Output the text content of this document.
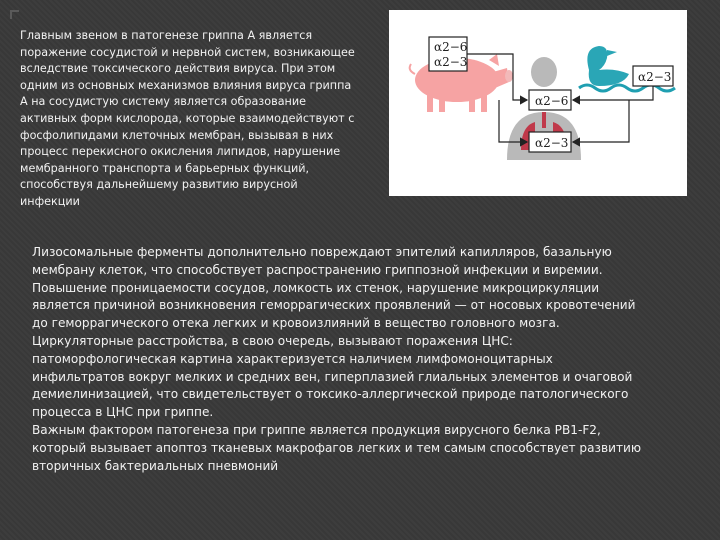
Главным звеном в патогенезе гриппа А является
поражение сосудистой и нервной систем, возникающее
вследствие токсического действия вируса. При этом
одним из основных механизмов влияния вируса гриппа
А на сосудистую систему является образование
активных форм кислорода, которые взаимодействуют с
фосфолипидами клеточных мембран, вызывая в них
процесс перекисного окисления липидов, нарушение
мембранного транспорта и барьерных функций,
способствуя дальнейшему развитию вирусной
инфекции
α2−6
α2−3
α2−3
α2−6
α2−3
Лизосомальные ферменты дополнительно повреждают эпителий капилляров, базальную
мембрану клеток, что способствует распространению гриппозной инфекции и виремии.
Повышение проницаемости сосудов, ломкость их стенок, нарушение микроциркуляции
является причиной возникновения геморрагических проявлений — от носовых кровотечений
до геморрагического отека легких и кровоизлияний в вещество головного мозга.
Циркуляторные расстройства, в свою очередь, вызывают поражения ЦНС:
патоморфологическая картина характеризуется наличием лимфомоноцитарных
инфильтратов вокруг мелких и средних вен, гиперплазией глиальных элементов и очаговой
демиелинизацией, что свидетельствует о токсико-аллергической природе патологического
процесса в ЦНС при гриппе.
Важным фактором патогенеза при гриппе является продукция вирусного белка PB1-F2,
который вызывает апоптоз тканевых макрофагов легких и тем самым способствует развитию
вторичных бактериальных пневмоний
